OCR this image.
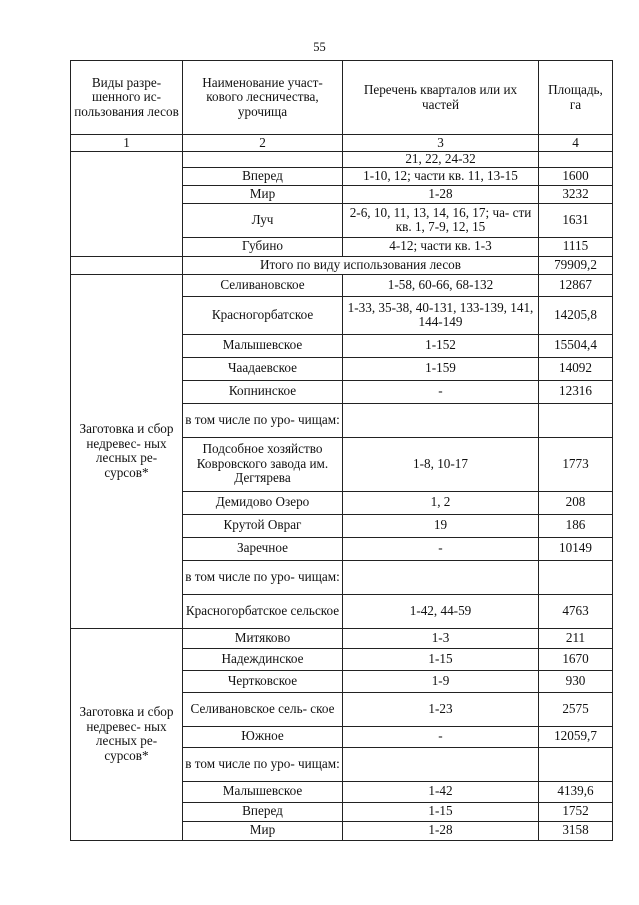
55
Виды разре- шенного ис- пользования лесов	Наименование участ- кового лесничества, урочища	Перечень кварталов или их частей	Площадь, га
1	2	3	4
		21, 22, 24-32	
	Вперед	1-10, 12; части кв. 11, 13-15	1600
	Мир	1-28	3232
	Луч	2-6, 10, 11, 13, 14, 16, 17; ча- сти кв. 1, 7-9, 12, 15	1631
	Губино	4-12; части кв. 1-3	1115
	Итого по виду использования лесов		79909,2
Заготовка и сбор недревес- ных лесных ре- сурсов*	Селивановское	1-58, 60-66, 68-132	12867
	Красногорбатское	1-33, 35-38, 40-131, 133-139, 141, 144-149	14205,8
	Малышевское	1-152	15504,4
	Чаадаевское	1-159	14092
	Копнинское	-	12316
	в том числе по уро- чищам:		
	Подсобное хозяйство Ковровского завода им. Дегтярева	1-8, 10-17	1773
	Демидово Озеро	1, 2	208
	Крутой Овраг	19	186
	Заречное	-	10149
	в том числе по уро- чищам:		
	Красногорбатское сельское	1-42, 44-59	4763
Заготовка и сбор недревес- ных лесных ре- сурсов*	Митяково	1-3	211
	Надеждинское	1-15	1670
	Чертковское	1-9	930
	Селивановское сель- ское	1-23	2575
	Южное	-	12059,7
	в том числе по уро- чищам:		
	Малышевское	1-42	4139,6
	Вперед	1-15	1752
	Мир	1-28	3158
